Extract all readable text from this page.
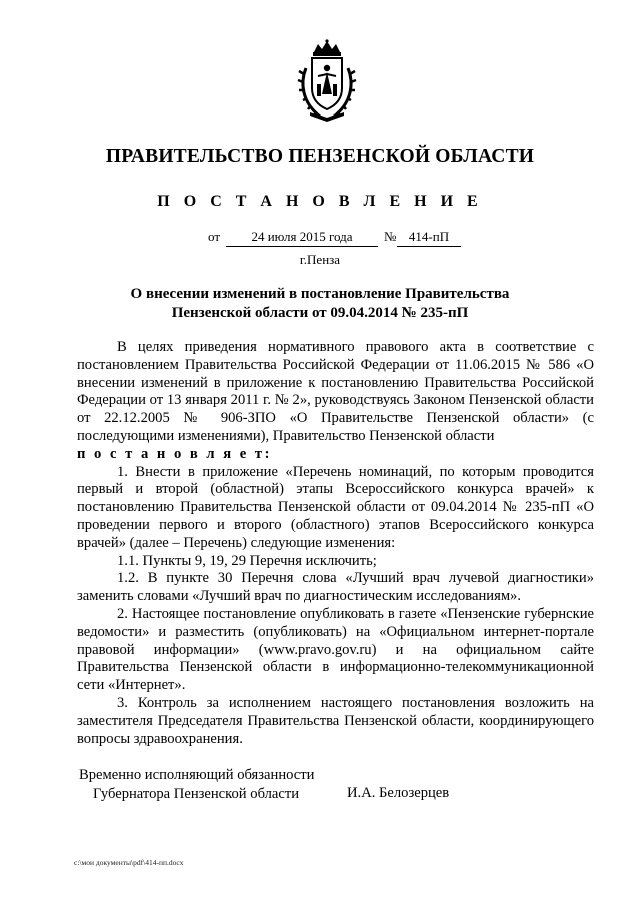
ПРАВИТЕЛЬСТВО ПЕНЗЕНСКОЙ ОБЛАСТИ
П О С Т А Н О В Л Е Н И Е
от	24 июля 2015 года	№ 414-пП
г.Пенза
О внесении изменений в постановление Правительства
Пензенской области от 09.04.2014 № 235-пП

В целях приведения нормативного правового акта в соответствие с постановлением Правительства Российской Федерации от 11.06.2015 № 586 «О внесении изменений в приложение к постановлению Правительства Российской Федерации от 13 января 2011 г. № 2», руководствуясь Законом Пензенской области от 22.12.2005 № 906-ЗПО «О Правительстве Пензенской области» (с последующими изменениями), Правительство Пензенской области

п о с т а н о в л я е т:

1. Внести в приложение «Перечень номинаций, по которым проводится первый и второй (областной) этапы Всероссийского конкурса врачей» к постановлению Правительства Пензенской области от 09.04.2014 № 235-пП «О проведении первого и второго (областного) этапов Всероссийского конкурса врачей» (далее – Перечень) следующие изменения:

1.1. Пункты 9, 19, 29 Перечня исключить;

1.2. В пункте 30 Перечня слова «Лучший врач лучевой диагностики» заменить словами «Лучший врач по диагностическим исследованиям».

2. Настоящее постановление опубликовать в газете «Пензенские губернские ведомости» и разместить (опубликовать) на «Официальном интернет-портале правовой информации» (www.pravo.gov.ru) и на официальном сайте Правительства Пензенской области в информационно-телекоммуникационной сети «Интернет».

3. Контроль за исполнением настоящего постановления возложить на заместителя Председателя Правительства Пензенской области, координирующего вопросы здравоохранения.

Временно исполняющий обязанности
Губернатора Пензенской области	И.А. Белозерцев
c:\мои документы\pdf\414-пп.docx
